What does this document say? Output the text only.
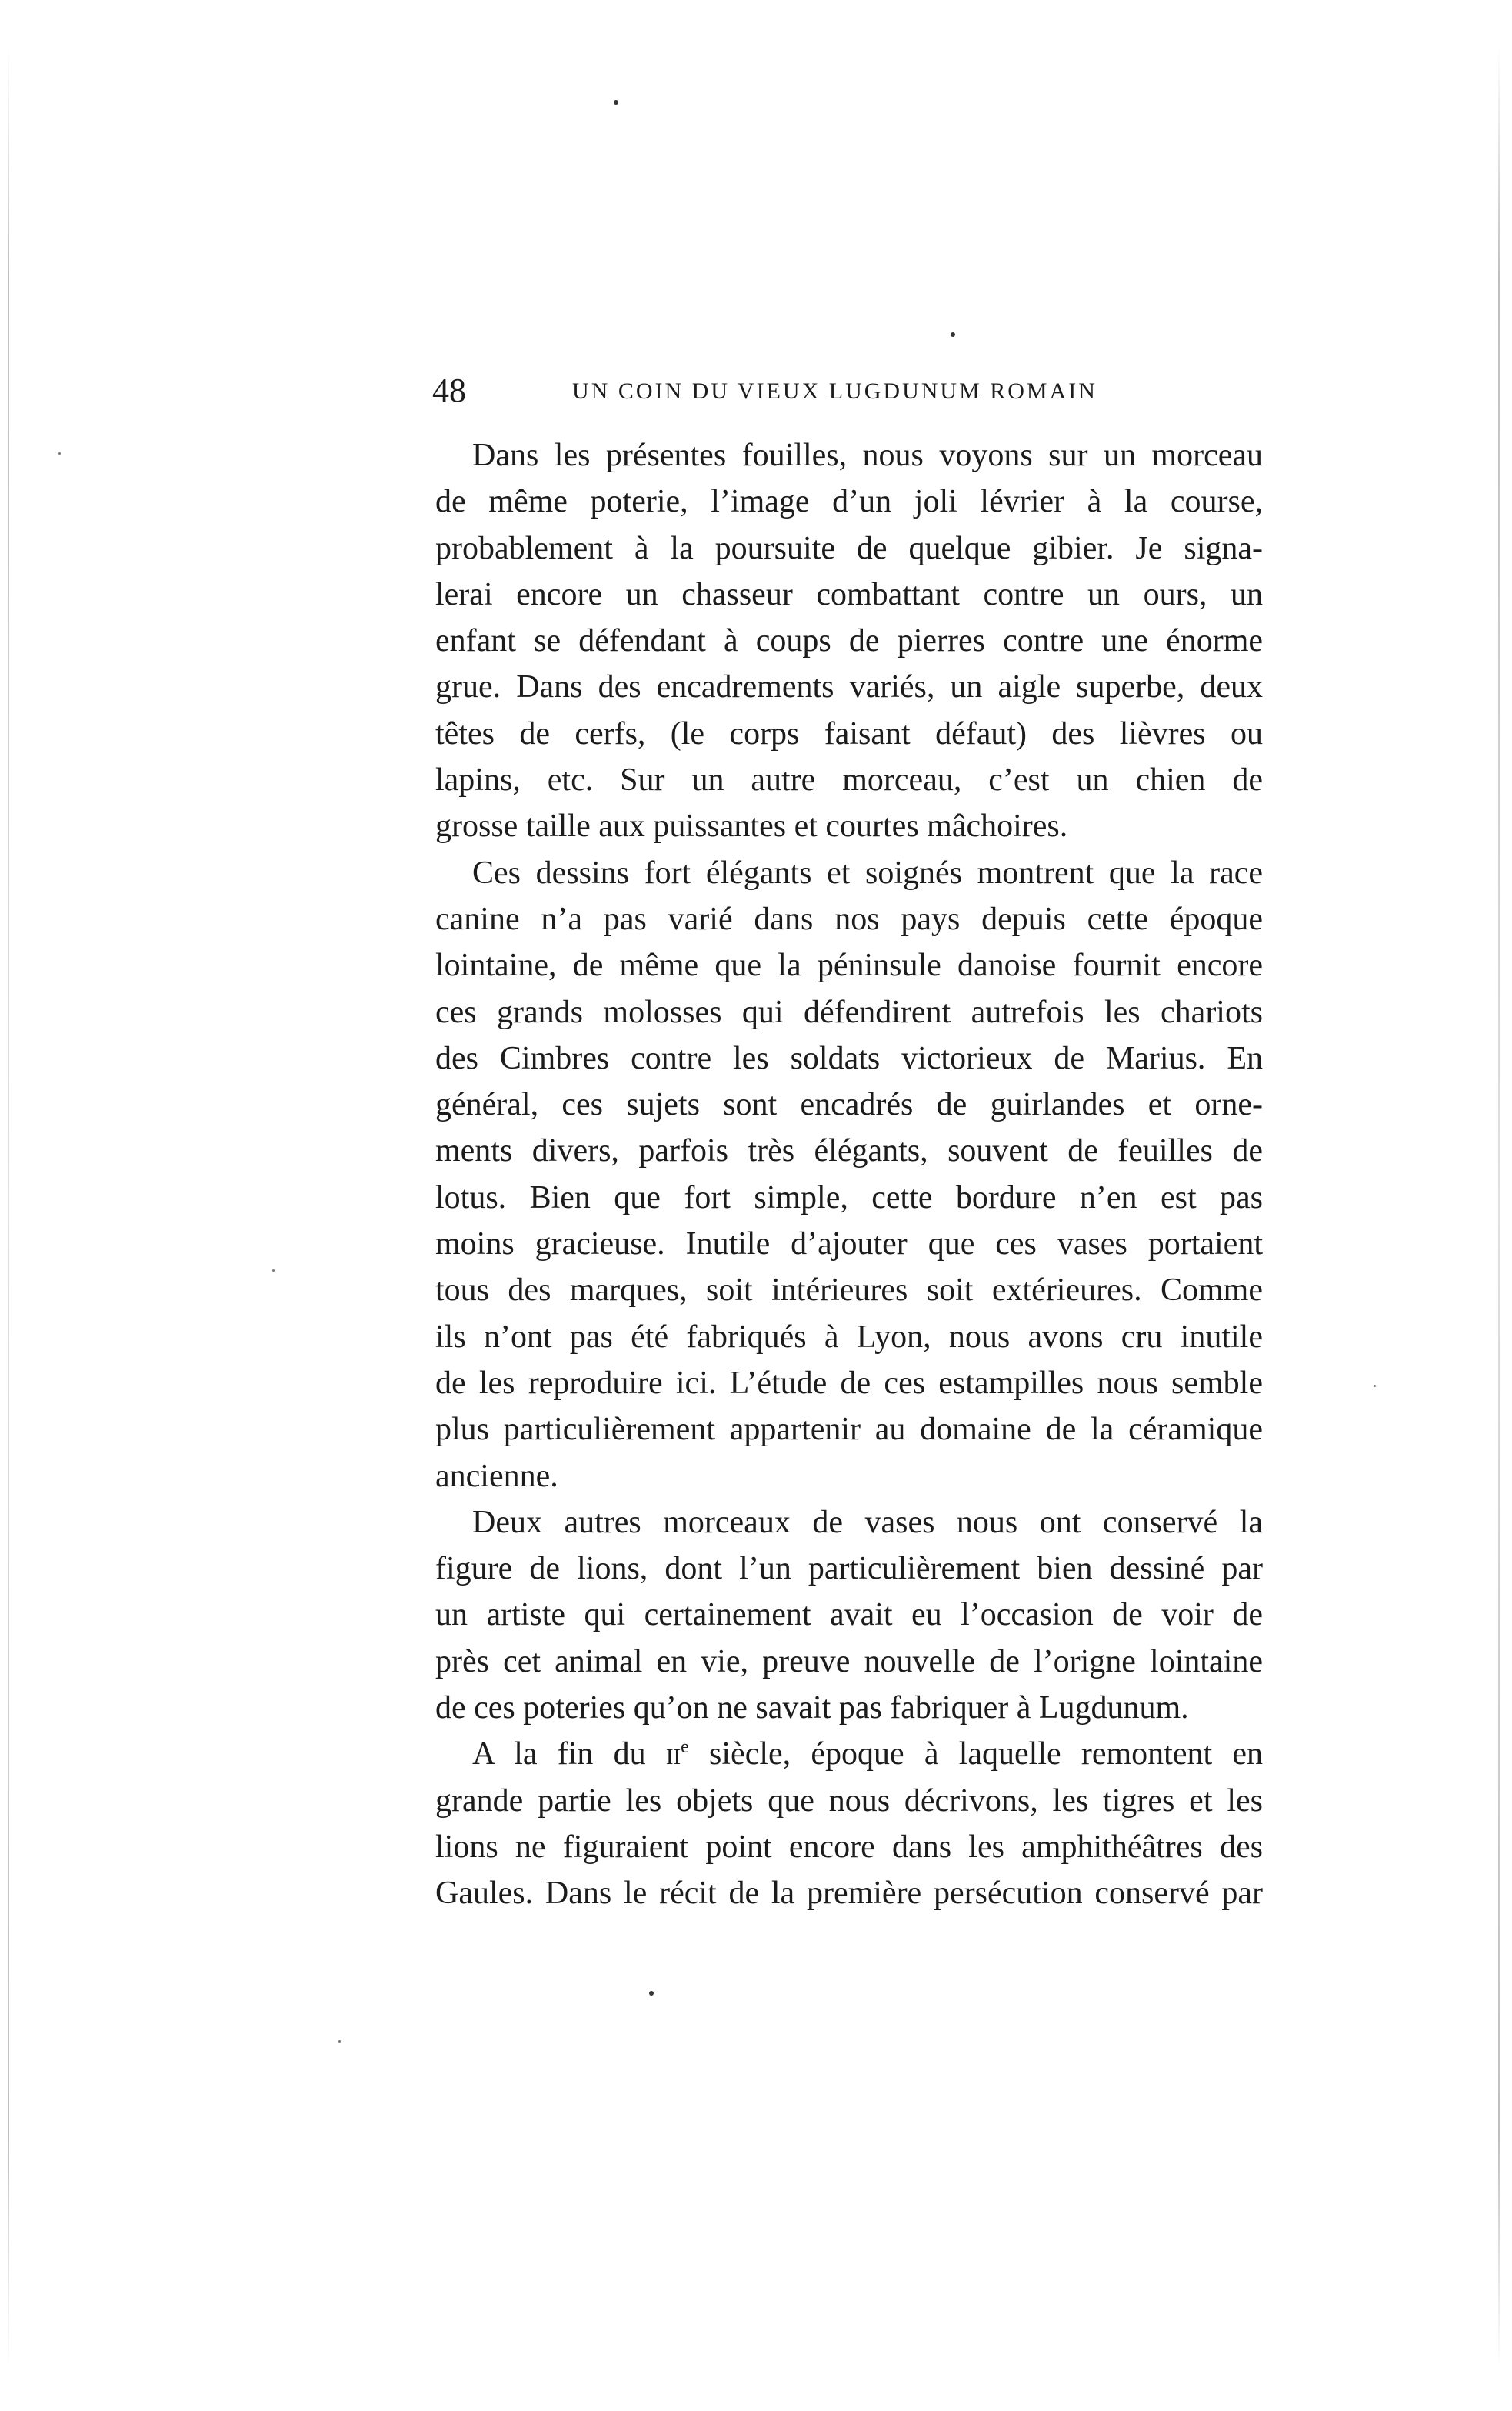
48	UN COIN DU VIEUX LUGDUNUM ROMAIN
Dans les présentes fouilles, nous voyons sur un morceau
de même poterie, l’image d’un joli lévrier à la course,
probablement à la poursuite de quelque gibier. Je signa-
lerai encore un chasseur combattant contre un ours, un
enfant se défendant à coups de pierres contre une énorme
grue. Dans des encadrements variés, un aigle superbe, deux
têtes de cerfs, (le corps faisant défaut) des lièvres ou
lapins, etc. Sur un autre morceau, c’est un chien de
grosse taille aux puissantes et courtes mâchoires.
Ces dessins fort élégants et soignés montrent que la race
canine n’a pas varié dans nos pays depuis cette époque
lointaine, de même que la péninsule danoise fournit encore
ces grands molosses qui défendirent autrefois les chariots
des Cimbres contre les soldats victorieux de Marius. En
général, ces sujets sont encadrés de guirlandes et orne-
ments divers, parfois très élégants, souvent de feuilles de
lotus. Bien que fort simple, cette bordure n’en est pas
moins gracieuse. Inutile d’ajouter que ces vases portaient
tous des marques, soit intérieures soit extérieures. Comme
ils n’ont pas été fabriqués à Lyon, nous avons cru inutile
de les reproduire ici. L’étude de ces estampilles nous semble
plus particulièrement appartenir au domaine de la céramique
ancienne.
Deux autres morceaux de vases nous ont conservé la
figure de lions, dont l’un particulièrement bien dessiné par
un artiste qui certainement avait eu l’occasion de voir de
près cet animal en vie, preuve nouvelle de l’origne lointaine
de ces poteries qu’on ne savait pas fabriquer à Lugdunum.
A la fin du $ii^e$ siècle, époque à laquelle remontent en
grande partie les objets que nous décrivons, les tigres et les
lions ne figuraient point encore dans les amphithéâtres des
Gaules. Dans le récit de la première persécution conservé par
